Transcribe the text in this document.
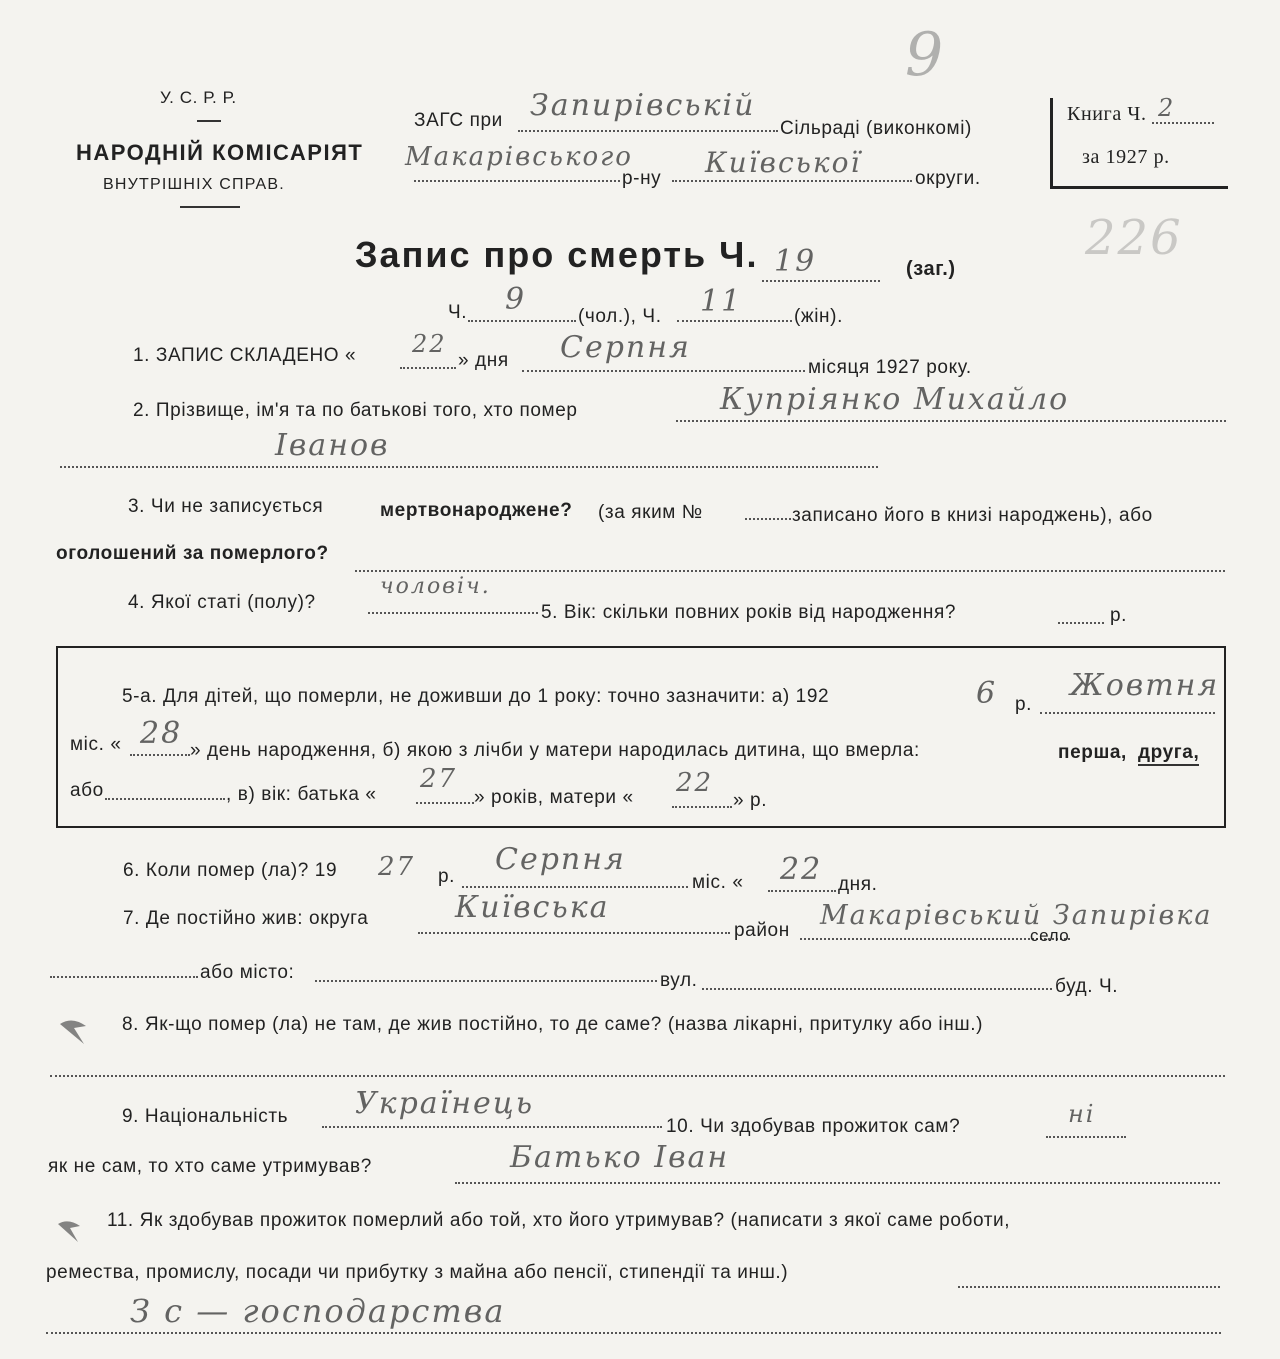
9
226
У. С. Р. Р.
НАРОДНІЙ КОМІСАРІЯТ
ВНУТРІШНІХ СПРАВ.
ЗАГС при Запирівській
Сільраді (виконкомі)
Макарівського
р-ну Київської	округи.
Книга Ч. 2
за 1927 р.
Запис про смерть Ч. 19	(заг.)
Ч. 9	(чол.), Ч. 11	(жін).
1. ЗАПИС СКЛАДЕНО « 22
» дня Серпня
місяця 1927 року.
2. Прізвище, ім'я та по батькові того, хто помер	Купріянко Михайло
Іванов
3. Чи не записується	мертвонароджене? (за яким №	записано його в книзі народжень), або
оголошений за померлого?
4. Якої статі (полу)?
чоловіч.
5. Вік: скільки повних років від народження?	р.
5-а. Для дітей, що померли, не доживши до 1 року: точно зазначити: а) 192	6 р.
Жовтня
міс. « 28 » день народження, б) якою з лічби у матери народилась дитина, що вмерла:	перша, друга,
або	, в) вік: батька «
27
» років, матери « 22
» р.
6. Коли помер (ла)? 19 27 р. Серпня
міс. « 22 дня.
7. Де постійно жив: округа	Київська
район Макарівський Запирівка
село
або місто:	вул.	буд. Ч.
8. Як-що помер (ла) не там, де жив постійно, то де саме? (назва лікарні, притулку або інш.)
9. Національність Українець
10. Чи здобував прожиток сам?	ні
як не сам, то хто саме утримував?	Батько Іван
11. Як здобував прожиток померлий або той, хто його утримував? (написати з якої саме роботи,
ремества, промислу, посади чи прибутку з майна або пенсії, стипендії та инш.)
З с — господарства
